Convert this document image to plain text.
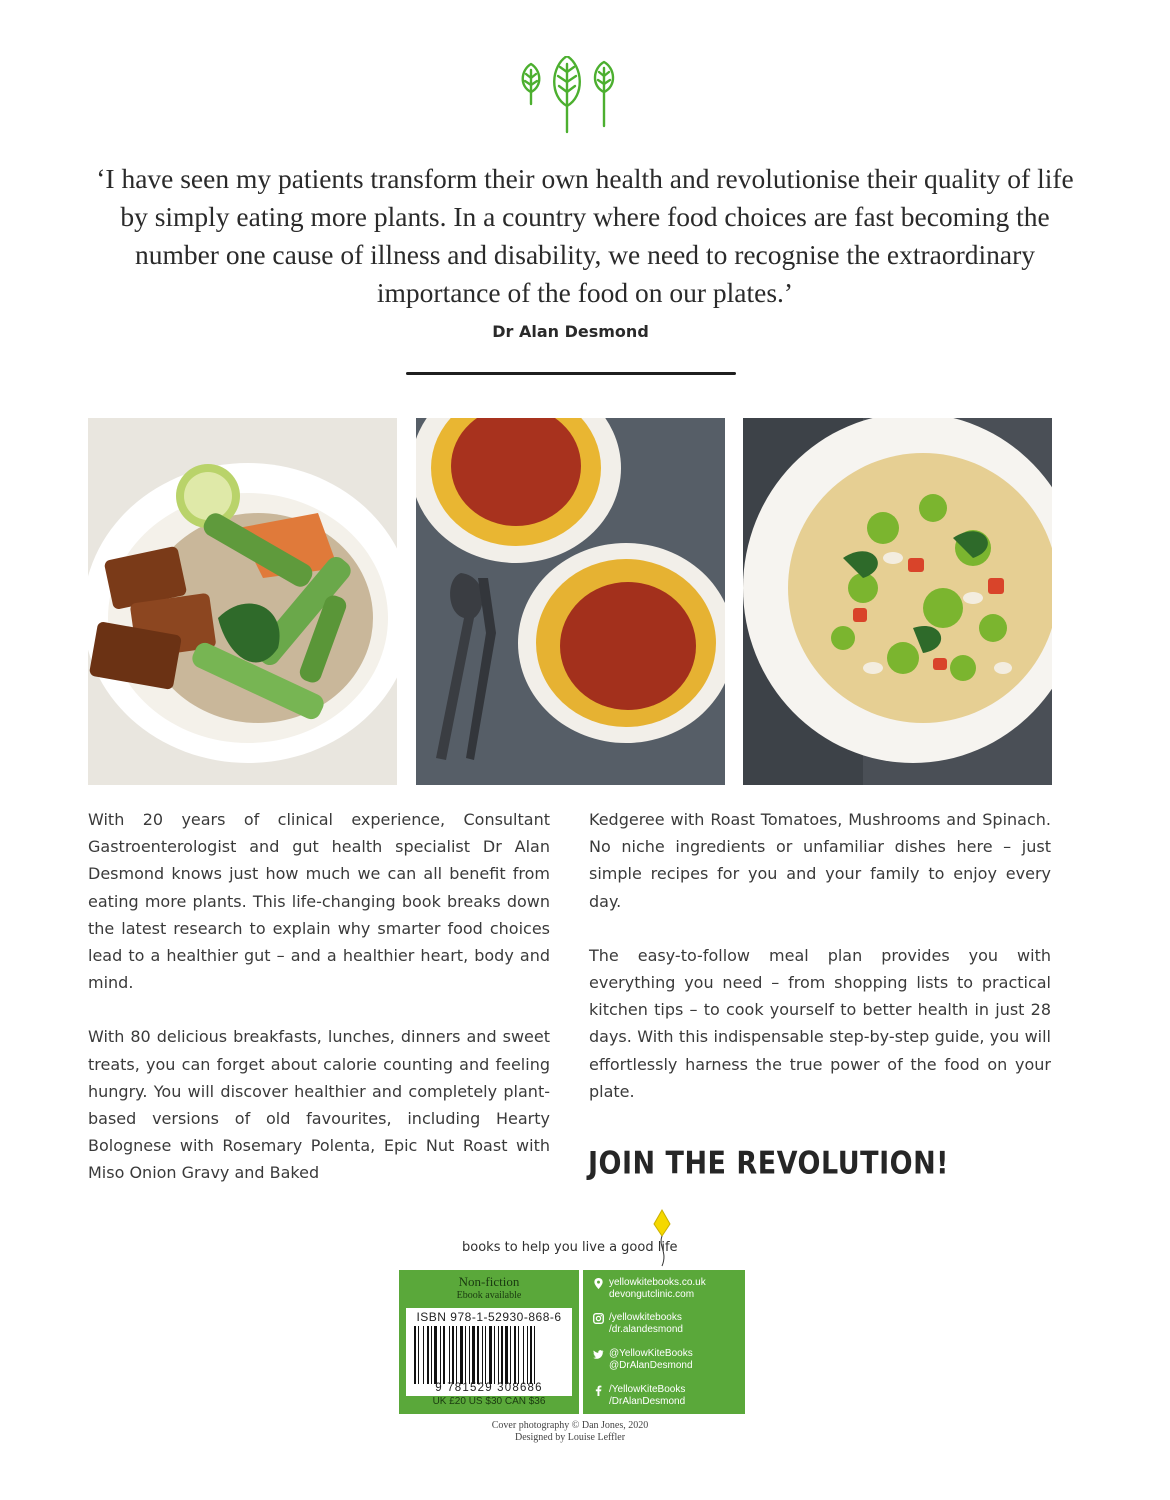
‘I have seen my patients transform their own health and revolutionise their quality of life by simply eating more plants. In a country where food choices are fast becoming the number one cause of illness and disability, we need to recognise the extraordinary importance of the food on our plates.’

Dr Alan Desmond

With 20 years of clinical experience, Consultant Gastroenterologist and gut health specialist Dr Alan Desmond knows just how much we can all benefit from eating more plants. This life-changing book breaks down the latest research to explain why smarter food choices lead to a healthier gut – and a healthier heart, body and mind.

With 80 delicious breakfasts, lunches, dinners and sweet treats, you can forget about calorie counting and feeling hungry. You will discover healthier and completely plant-based versions of old favourites, including Hearty Bolognese with Rosemary Polenta, Epic Nut Roast with Miso Onion Gravy and Baked

Kedgeree with Roast Tomatoes, Mushrooms and Spinach. No niche ingredients or unfamiliar dishes here – just simple recipes for you and your family to enjoy every day.

The easy-to-follow meal plan provides you with everything you need – from shopping lists to practical kitchen tips – to cook yourself to better health in just 28 days. With this indispensable step-by-step guide, you will effortlessly harness the true power of the food on your plate.

JOIN THE REVOLUTION!
books to help you live a good life
Non-fiction
Ebook available
ISBN 978-1-52930-868-6
9 781529 308686
UK £20 US $30 CAN $36
yellowkitebooks.co.uk
devongutclinic.com
/yellowkitebooks
/dr.alandesmond
@YellowKiteBooks
@DrAlanDesmond
/YellowKiteBooks
/DrAlanDesmond
Cover photography © Dan Jones, 2020
Designed by Louise Leffler
